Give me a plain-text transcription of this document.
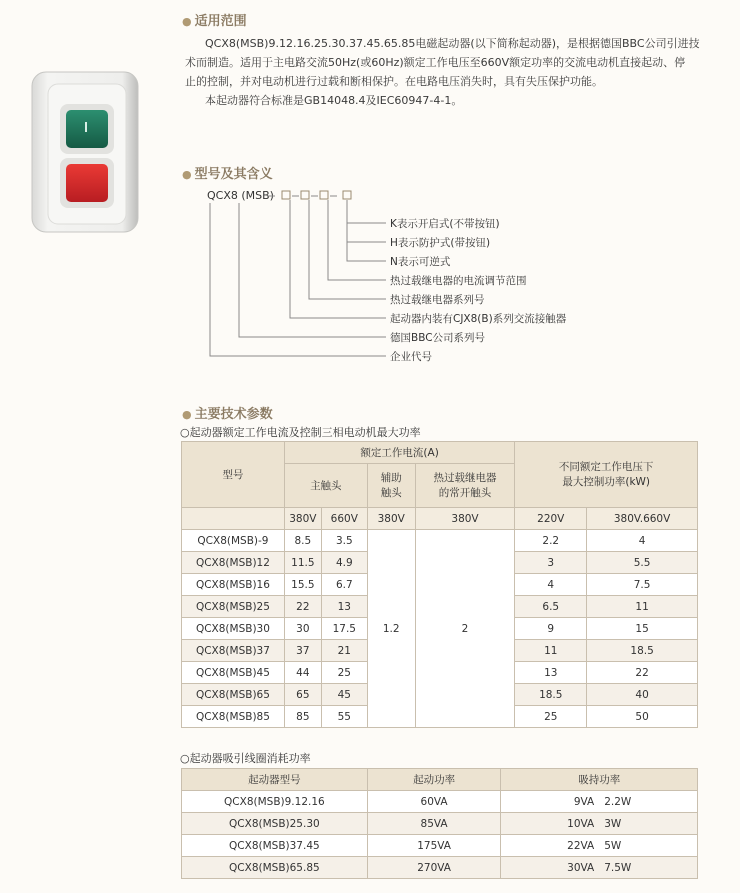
● 适用范围
QCX8(MSB)9.12.16.25.30.37.45.65.85电磁起动器(以下简称起动器)，是根据德国BBC公司引进技
术而制造。适用于主电路交流50Hz(或60Hz)额定工作电压至660V额定功率的交流电动机直接起动、停
止的控制，并对电动机进行过载和断相保护。在电路电压消失时，具有失压保护功能。
本起动器符合标准是GB14048.4及IEC60947-4-1。
● 型号及其含义
QCX8 (MSB)
K表示开启式(不带按钮)
H表示防护式(带按钮)
N表示可逆式
热过载继电器的电流调节范围
热过载继电器系列号
起动器内装有CJX8(B)系列交流接触器
德国BBC公司系列号
企业代号
● 主要技术参数
○起动器额定工作电流及控制三相电动机最大功率
型号	额定工作电流(A)				不同额定工作电压下
最大控制功率(kW)	
	主触头		辅助
触头	热过载继电器
的常开触头		
	380V	660V	380V	380V	220V	380V.660V
QCX8(MSB)-9	8.5	3.5	1.2	2	2.2	4
QCX8(MSB)12	11.5	4.9			3	5.5
QCX8(MSB)16	15.5	6.7			4	7.5
QCX8(MSB)25	22	13			6.5	11
QCX8(MSB)30	30	17.5			9	15
QCX8(MSB)37	37	21			11	18.5
QCX8(MSB)45	44	25			13	22
QCX8(MSB)65	65	45			18.5	40
QCX8(MSB)85	85	55			25	50
○起动器吸引线圈消耗功率
起动器型号	起动功率	吸持功率
QCX8(MSB)9.12.16	60VA	9VA 2.2W
QCX8(MSB)25.30	85VA	10VA 3W
QCX8(MSB)37.45	175VA	22VA 5W
QCX8(MSB)65.85	270VA	30VA 7.5W
